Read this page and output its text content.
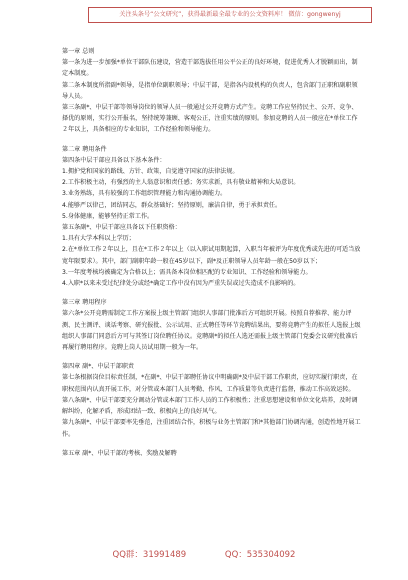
关注头条号“公文研究”，获得最新最全最专业的公文资料库！ 微信：gongwenyj

第一章 总则

第一条为进一步加强*单位干部队伍建设，营造干部选拔任用公平公正的良好环境，促进优秀人才脱颖而出，制定本制度。

第二条本制度所指副*领导，是指单位副职领导；中层干部，是指各内设机构的负责人，包含部门正职和副职领导人员。

第三条副*、中层干部等领导岗位的领导人员一般通过公开竞聘方式产生。竞聘工作应坚持民主、公开、竞争、择优的原则，实行公开报名，坚持统筹兼顾、客观公正，注重实绩的原则。参加竞聘的人员一般应在*单位工作２年以上，具备相应的专业知识，工作经验和领导能力。

第二章 聘用条件

第四条中层干部应具备以下基本条件：

1.拥护党和国家的路线、方针、政策，自觉遵守国家的法律法规。

2.工作积极主动，有强烈的主人翁意识和责任感；务实求新，具有敬业精神和大局意识。

3.业务熟练，具有较强的工作组织管理能力和沟通协调能力。

4.能够严以律己，团结同志，群众基础好；坚持原则，廉洁自律，勇于承担责任。

5.身体健康，能够坚持正常工作。

第五条副*、中层干部应具备以下任职资格：

1.具有大学本科以上学历；

2.在*单位工作２年以上，且在*工作２年以上（以入职试用期起算，入职当年被评为年度优秀或先进的可适当放宽年限要求）。其中，部门副职年龄一般在45岁以下，副*及正职领导人员年龄一般在50岁以下；

3.一年度考核均被确定为合格以上；需具备本岗位相匹配的专业知识、工作经验和领导能力。

4.入职*以来未受过纪律处分或经*确定工作中没有因为严重失误或过失造成不良影响的。

第三章 聘用程序

第六条*公开竞聘需制定工作方案报上级主管部门组织人事部门批准后方可组织开展。按照自荐推荐、能力评测、民主测评、谈话考察、研究报批、公示试用、正式聘任等环节竞聘结果出，要将竞聘产生的拟任人选报上级组织人事部门同意后方可与其签订岗位聘任协议。竞聘副*的拟任人选还需报上级主管部门党委会议研究批准后再履行聘用程序。竞聘上岗人员试用期一般为一年。

第四章 副*、中层干部职责

第七条根据岗位目标责任制，*在副*、中层干部聘任协议中明确副*及中层干部工作职责，应切实履行职责，在职权范围内认真开展工作，对分管或本部门人员考勤、作风、工作质量等负责进行监督，推动工作高效运转。

第八条副*、中层干部要充分调动分管或本部门工作人员的工作积极性；注重思想建设和单位文化培养，及时调解纠纷，化解矛盾，形成团结一致、积极向上的良好风气。

第九条副*、中层干部要率先垂范，注重团结合作，积极与业务主管部门和*其他部门协调沟通，创造性地开展工作。

第五章 副*、中层干部的考核、奖励及解聘

QQ群：31991489	QQ：535304092
